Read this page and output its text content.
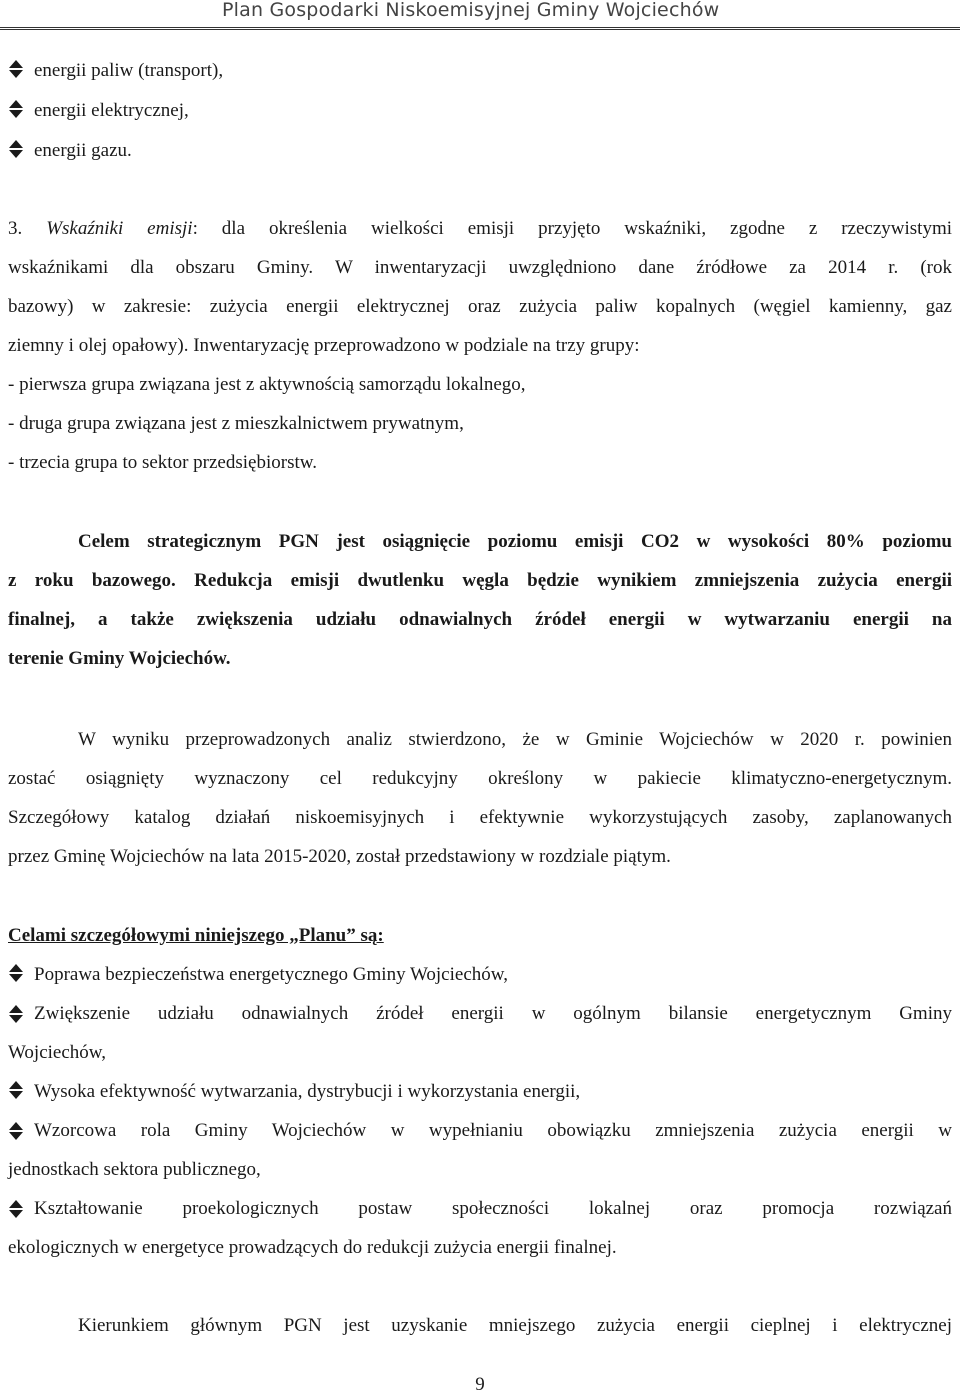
Plan Gospodarki Niskoemisyjnej Gminy Wojciechów
energii paliw (transport),
energii elektrycznej,
energii gazu.
3. Wskaźniki emisji: dla określenia wielkości emisji przyjęto wskaźniki, zgodne z rzeczywistymi
wskaźnikami dla obszaru Gminy. W inwentaryzacji uwzględniono dane źródłowe za 2014 r. (rok
bazowy) w zakresie: zużycia energii elektrycznej oraz zużycia paliw kopalnych (węgiel kamienny, gaz
ziemny i olej opałowy). Inwentaryzację przeprowadzono w podziale na trzy grupy:
- pierwsza grupa związana jest z aktywnością samorządu lokalnego,
- druga grupa związana jest z mieszkalnictwem prywatnym,
- trzecia grupa to sektor przedsiębiorstw.
Celem strategicznym PGN jest osiągnięcie poziomu emisji CO2 w wysokości 80% poziomu
z roku bazowego. Redukcja emisji dwutlenku węgla będzie wynikiem zmniejszenia zużycia energii
finalnej, a także zwiększenia udziału odnawialnych źródeł energii w wytwarzaniu energii na
terenie Gminy Wojciechów.
W wyniku przeprowadzonych analiz stwierdzono, że w Gminie Wojciechów w 2020 r. powinien
zostać osiągnięty wyznaczony cel redukcyjny określony w pakiecie klimatyczno-energetycznym.
Szczegółowy katalog działań niskoemisyjnych i efektywnie wykorzystujących zasoby, zaplanowanych
przez Gminę Wojciechów na lata 2015-2020, został przedstawiony w rozdziale piątym.
Celami szczegółowymi niniejszego „Planu” są:
Poprawa bezpieczeństwa energetycznego Gminy Wojciechów,
Zwiększenie udziału odnawialnych źródeł energii w ogólnym bilansie energetycznym Gminy
Wojciechów,
Wysoka efektywność wytwarzania, dystrybucji i wykorzystania energii,
Wzorcowa rola Gminy Wojciechów w wypełnianiu obowiązku zmniejszenia zużycia energii w
jednostkach sektora publicznego,
Kształtowanie proekologicznych postaw społeczności lokalnej oraz promocja rozwiązań
ekologicznych w energetyce prowadzących do redukcji zużycia energii finalnej.
Kierunkiem głównym PGN jest uzyskanie mniejszego zużycia energii cieplnej i elektrycznej
9
